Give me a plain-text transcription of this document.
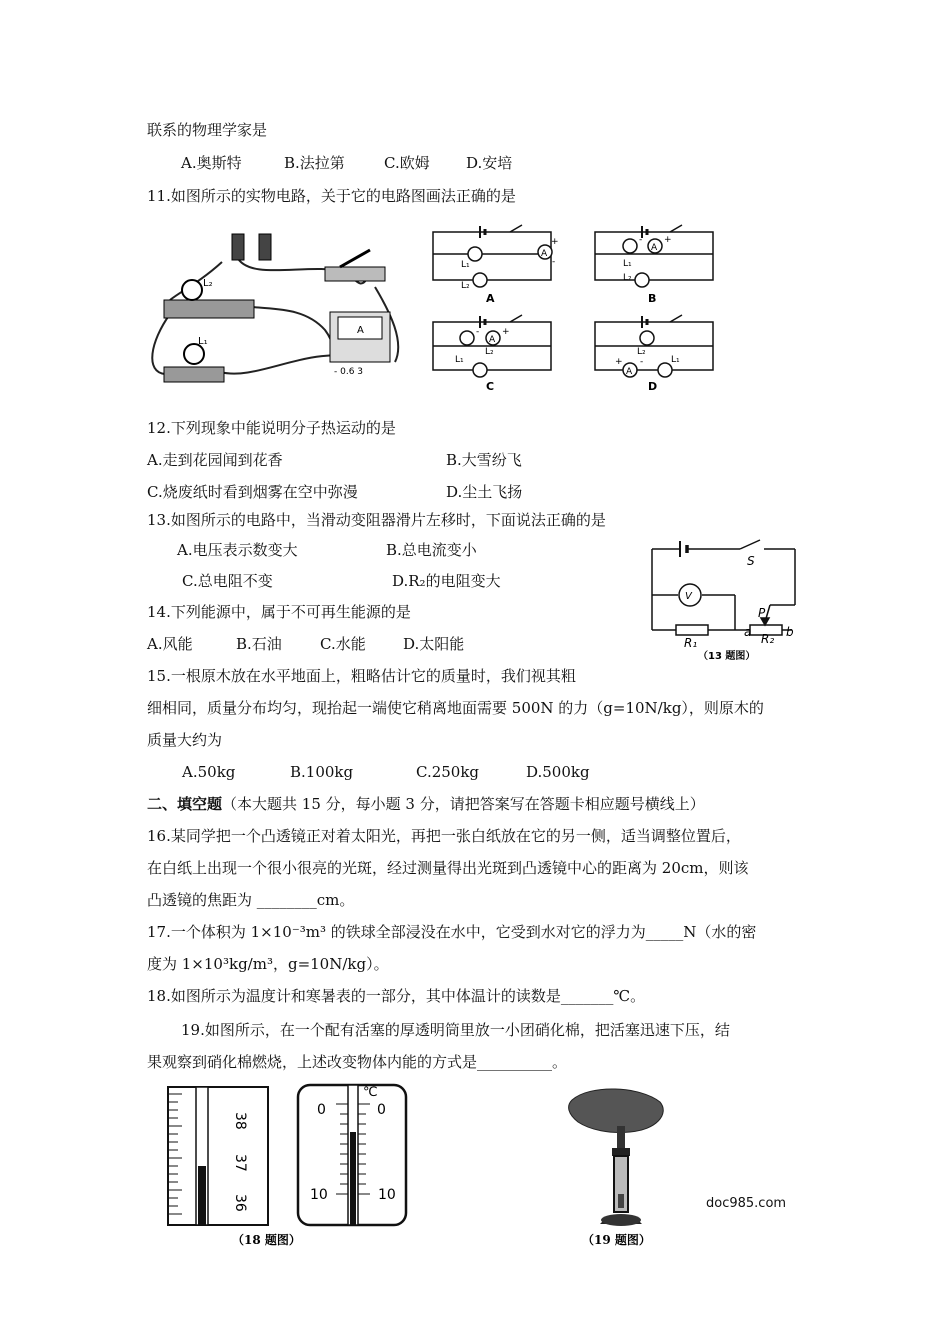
联系的物理学家是
A.奥斯特	B.法拉第	C.欧姆 D.安培
11.如图所示的实物电路，关于它的电路图画法正确的是
L₂
L₁
A
- 0.6 3
A
+
-
L₁
L₂
A
+
-
L₁
L₂
A
+
-
L₁
L₂
A
+ -	L₁
L₂
A	B
C	D
12.下列现象中能说明分子热运动的是
A.走到花园闻到花香	B.大雪纷飞
C.烧废纸时看到烟雾在空中弥漫	D.尘土飞扬
13.如图所示的电路中，当滑动变阻器滑片左移时，下面说法正确的是
A.电压表示数变大	B.总电流变小
C.总电阻不变	D.R₂的电阻变大
S
V
P
R₁	R₂
a	b
（13 题图）
14.下列能源中，属于不可再生能源的是
A.风能	B.石油	C.水能 D.太阳能
15.一根原木放在水平地面上，粗略估计它的质量时，我们视其粗
细相同，质量分布均匀，现抬起一端使它稍离地面需要 500N 的力（g=10N/kg），则原木的
质量大约为
A.50kg	B.100kg	C.250kg	D.500kg
二、填空题（本大题共 15 分，每小题 3 分，请把答案写在答题卡相应题号横线上）
16.某同学把一个凸透镜正对着太阳光，再把一张白纸放在它的另一侧，适当调整位置后，
在白纸上出现一个很小很亮的光斑，经过测量得出光斑到凸透镜中心的距离为 20cm，则该
凸透镜的焦距为 ________cm。
17.一个体积为 1×10⁻³m³ 的铁球全部浸没在水中，它受到水对它的浮力为_____N（水的密
度为 1×10³kg/m³，g=10N/kg）。
18.如图所示为温度计和寒暑表的一部分，其中体温计的读数是_______℃。
19.如图所示，在一个配有活塞的厚透明筒里放一小团硝化棉，把活塞迅速下压，结
果观察到硝化棉燃烧，上述改变物体内能的方式是__________。
38
37
36
℃
0	0
10	10
（18 题图）	（19 题图）
doc985.com
